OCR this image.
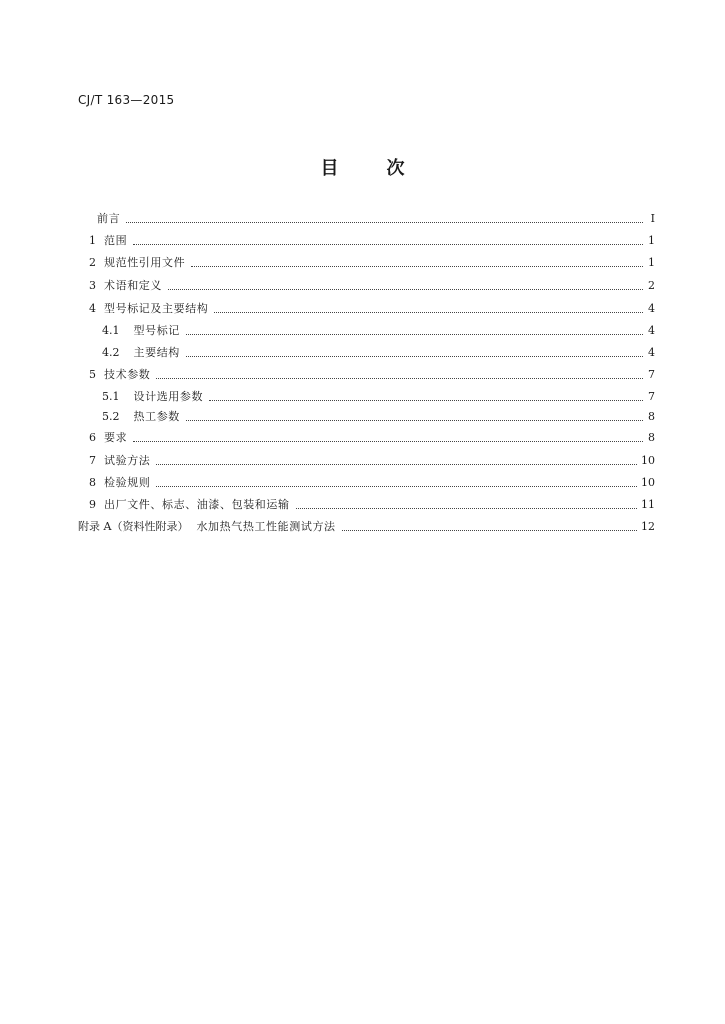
CJ/T 163—2015
目	次
前言	Ⅰ
1 范围	1
2 规范性引用文件	1
3 术语和定义	2
4 型号标记及主要结构	4
4.1 型号标记	4
4.2 主要结构	4
5 技术参数	7
5.1 设计选用参数	7
5.2 热工参数	8
6 要求	8
7 试验方法	10
8 检验规则	10
9 出厂文件、标志、油漆、包装和运输	11
附录 A（资料性附录） 水加热气热工性能测试方法	12
